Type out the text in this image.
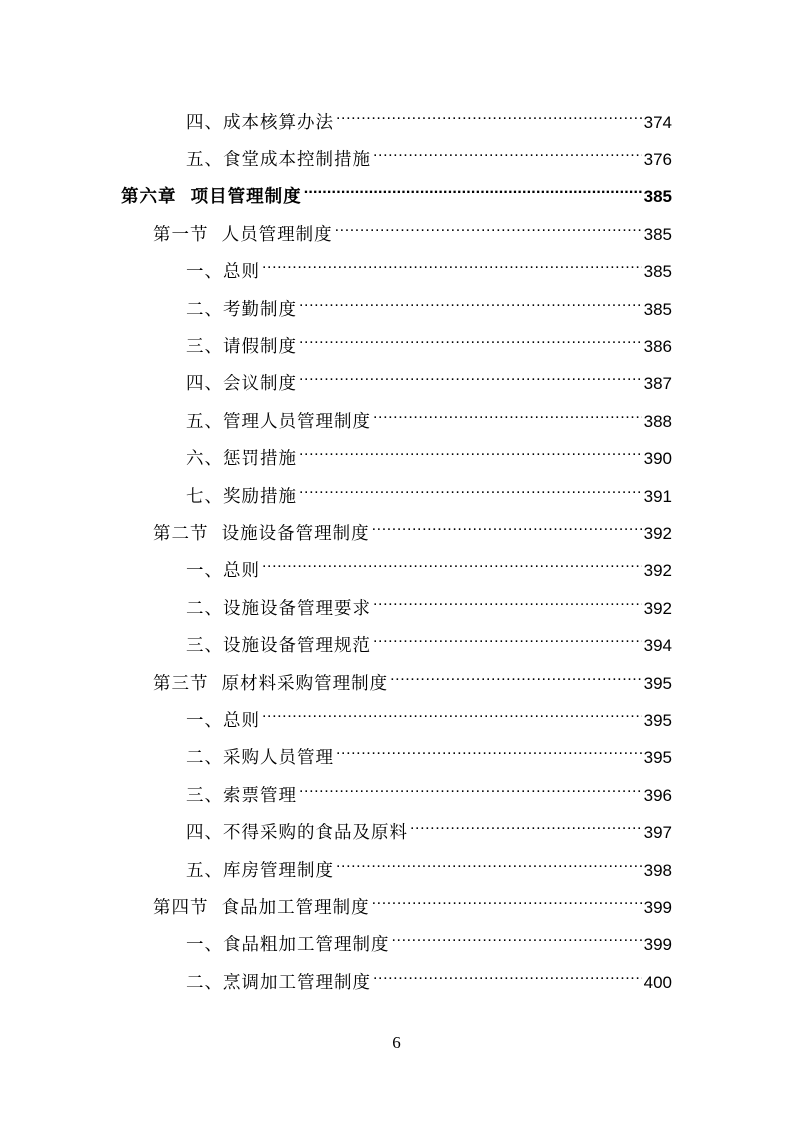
四、成本核算办法 .....	374
五、食堂成本控制措施 .....	376
第六章  项目管理制度 .....	385
第一节  人员管理制度 .....	385
一、总则 .....	385
二、考勤制度 .....	385
三、请假制度 .....	386
四、会议制度 .....	387
五、管理人员管理制度 .....	388
六、惩罚措施 .....	390
七、奖励措施 .....	391
第二节  设施设备管理制度 .....	392
一、总则 .....	392
二、设施设备管理要求 .....	392
三、设施设备管理规范 .....	394
第三节  原材料采购管理制度 .....	395
一、总则 .....	395
二、采购人员管理 .....	395
三、索票管理 .....	396
四、不得采购的食品及原料 .....	397
五、库房管理制度 .....	398
第四节  食品加工管理制度 .....	399
一、食品粗加工管理制度 .....	399
二、烹调加工管理制度 .....	400
6
